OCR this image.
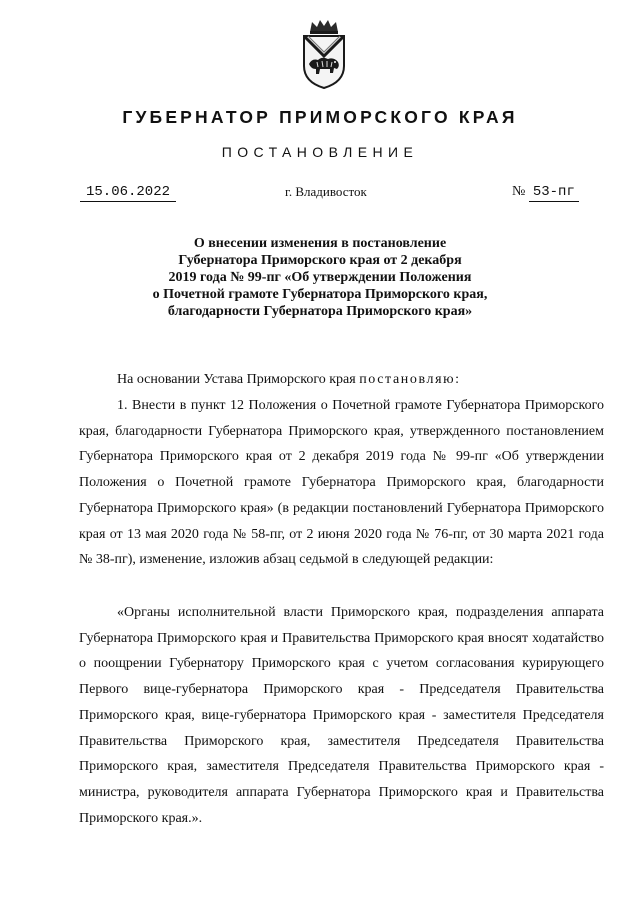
ГУБЕРНАТОР ПРИМОРСКОГО КРАЯ
ПОСТАНОВЛЕНИЕ
15.06.2022	г. Владивосток	№ 53-пг
О внесении изменения в постановление
Губернатора Приморского края от 2 декабря
2019 года № 99-пг «Об утверждении Положения
о Почетной грамоте Губернатора Приморского края,
благодарности Губернатора Приморского края»

На основании Устава Приморского края постановляю:

1. Внести в пункт 12 Положения о Почетной грамоте Губернатора Приморского края, благодарности Губернатора Приморского края, утвержденного постановлением Губернатора Приморского края от 2 декабря 2019 года № 99-пг «Об утверждении Положения о Почетной грамоте Губернатора Приморского края, благодарности Губернатора Приморского края» (в редакции постановлений Губернатора Приморского края от 13 мая 2020 года № 58-пг, от 2 июня 2020 года № 76-пг, от 30 марта 2021 года № 38-пг), изменение, изложив абзац седьмой в следующей редакции:

«Органы исполнительной власти Приморского края, подразделения аппарата Губернатора Приморского края и Правительства Приморского края вносят ходатайство о поощрении Губернатору Приморского края с учетом согласования курирующего Первого вице-губернатора Приморского края - Председателя Правительства Приморского края, вице-губернатора Приморского края - заместителя Председателя Правительства Приморского края, заместителя Председателя Правительства Приморского края, заместителя Председателя Правительства Приморского края - министра, руководителя аппарата Губернатора Приморского края и Правительства Приморского края.».
